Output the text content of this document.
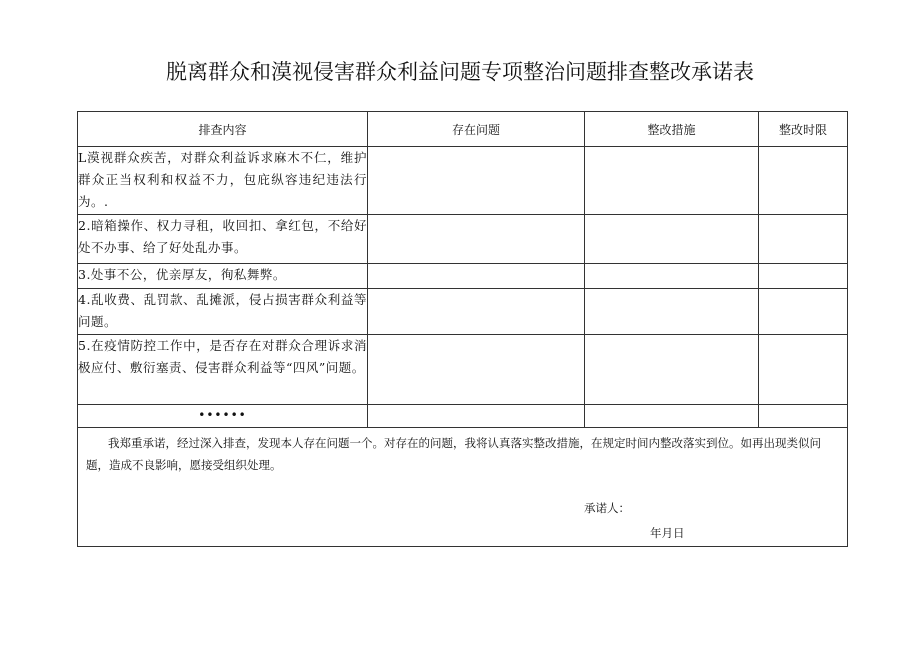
脱离群众和漠视侵害群众利益问题专项整治问题排查整改承诺表
排查内容	存在问题	整改措施	整改时限
L漠视群众疾苦，对群众利益诉求麻木不仁，维护群众正当权利和权益不力，包庇纵容违纪违法行为。.			
2.暗箱操作、权力寻租，收回扣、拿红包，不给好处不办事、给了好处乱办事。			
3.处事不公，优亲厚友，徇私舞弊。			
4.乱收费、乱罚款、乱摊派，侵占损害群众利益等问题。			
5.在疫情防控工作中，是否存在对群众合理诉求消极应付、敷衍塞责、侵害群众利益等“四风”问题。			
••••••			

我郑重承诺，经过深入排查，发现本人存在问题一个。对存在的问题，我将认真落实整改措施，在规定时间内整改落实到位。如再出现类似问题，造成不良影响，愿接受组织处理。
承诺人：
年月日			
